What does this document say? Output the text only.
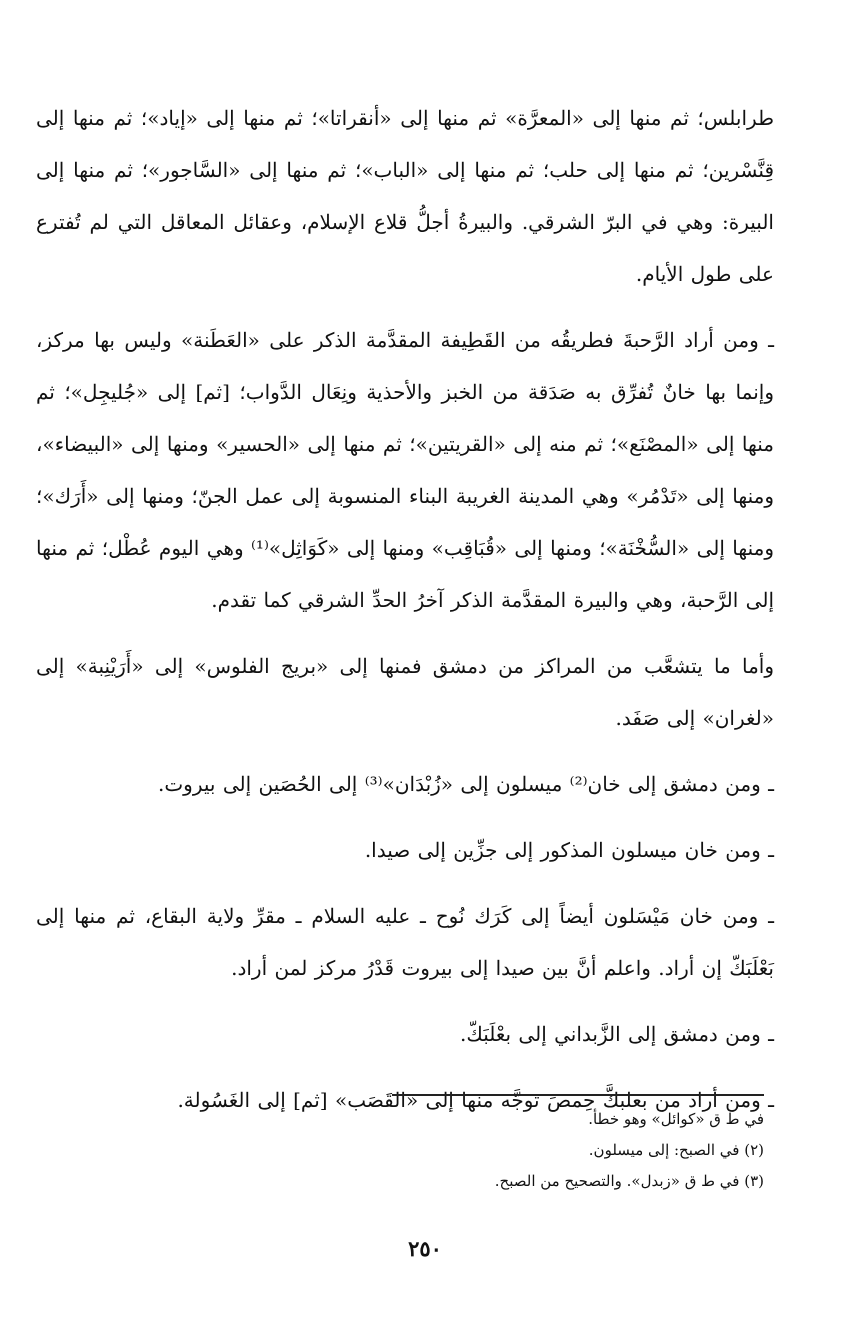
طرابلس؛ ثم منها إلى «المعرَّة» ثم منها إلى «أنقراتا»؛ ثم منها إلى «إياد»؛ ثم منها إلى قِنَّسْرين؛ ثم منها إلى حلب؛ ثم منها إلى «الباب»؛ ثم منها إلى «السَّاجور»؛ ثم منها إلى البيرة: وهي في البرّ الشرقي. والبيرةُ أجلُّ قلاع الإسلام، وعقائل المعاقل التي لم تُفترع على طول الأيام.

ـ ومن أراد الرَّحبةَ فطريقُه من القَطِيفة المقدَّمة الذكر على «العَطَنة» وليس بها مركز، وإنما بها خانٌ تُفرِّق به صَدَقة من الخبز والأحذية ونِعَال الدَّواب؛ [ثم] إلى «جُليجِل»؛ ثم منها إلى «المصْنَع»؛ ثم منه إلى «القريتين»؛ ثم منها إلى «الحسير» ومنها إلى «البيضاء»، ومنها إلى «تَدْمُر» وهي المدينة الغريبة البناء المنسوبة إلى عمل الجنّ؛ ومنها إلى «أَرَك»؛ ومنها إلى «السُّخْنَة»؛ ومنها إلى «قُبَاقِب» ومنها إلى «كَوَاثِل»⁽¹⁾ وهي اليوم عُطْل؛ ثم منها إلى الرَّحبة، وهي والبيرة المقدَّمة الذكر آخرُ الحدِّ الشرقي كما تقدم.

وأما ما يتشعَّب من المراكز من دمشق فمنها إلى «بريج الفلوس» إلى «أَرَيْنِبة» إلى «لغران» إلى صَفَد.

ـ ومن دمشق إلى خان⁽²⁾ ميسلون إلى «زُبْدَان»⁽³⁾ إلى الحُصَين إلى بيروت.

ـ ومن خان ميسلون المذكور إلى جزِّين إلى صيدا.

ـ ومن خان مَيْسَلون أيضاً إلى كَرَك نُوح ـ عليه السلام ـ مقرِّ ولاية البقاع، ثم منها إلى بَعْلَبَكّ إن أراد. واعلم أنَّ بين صيدا إلى بيروت قَدْرُ مركز لمن أراد.

ـ ومن دمشق إلى الزَّبداني إلى بعْلَبَكّ.

ـ ومن أراد من بعلبكَّ حِمصَ توجَّه منها إلى «القَصَب» [ثم] إلى الغَسُولة.

في ط ق «كوائل» وهو خطأ.

(٢) في الصبح: إلى ميسلون.

(٣) في ط ق «زبدل». والتصحيح من الصبح.

٢٥٠
